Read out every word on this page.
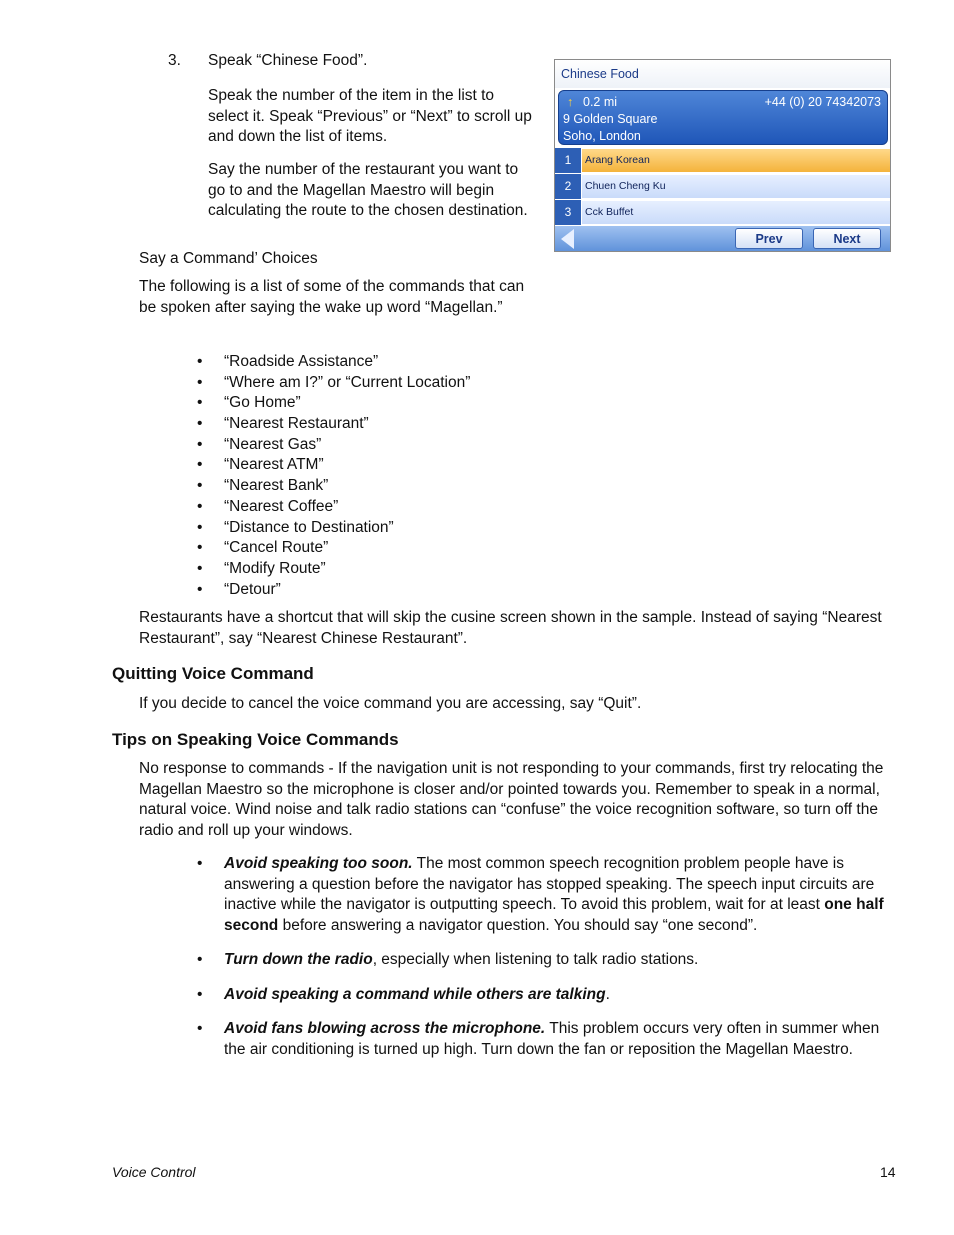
3. Speak “Chinese Food”.

Speak the number of the item in the list to select it. Speak “Previous” or “Next” to scroll up and down the list of items.

Say the number of the restaurant you want to go to and the Magellan Maestro will begin calculating the route to the chosen destination.

Chinese Food
↑ 0.2 mi	+44 (0) 20 74342073
9 Golden Square
Soho, London
1	Arang Korean
2	Chuen Cheng Ku
3	Cck Buffet
Prev	Next
Say a Command’ Choices

The following is a list of some of the commands that can be spoken after saying the wake up word “Magellan.”

• “Roadside Assistance”
• “Where am I?” or “Current Location”
• “Go Home”
• “Nearest Restaurant”
• “Nearest Gas”
• “Nearest ATM”
• “Nearest Bank”
• “Nearest Coffee”
• “Distance to Destination”
• “Cancel Route”
• “Modify Route”
• “Detour”

Restaurants have a shortcut that will skip the cusine screen shown in the sample. Instead of saying “Nearest Restaurant”, say “Nearest Chinese Restaurant”.

Quitting Voice Command

If you decide to cancel the voice command you are accessing, say “Quit”.

Tips on Speaking Voice Commands

No response to commands - If the navigation unit is not responding to your commands, first try relocating the Magellan Maestro so the microphone is closer and/or pointed towards you. Remember to speak in a normal, natural voice. Wind noise and talk radio stations can “confuse” the voice recognition software, so turn off the radio and roll up your windows.

• Avoid speaking too soon. The most common speech recognition problem people have is answering a question before the navigator has stopped speaking. The speech input circuits are inactive while the navigator is outputting speech. To avoid this problem, wait for at least one half second before answering a navigator question. You should say “one second”.
• Turn down the radio, especially when listening to talk radio stations.
• Avoid speaking a command while others are talking.
• Avoid fans blowing across the microphone. This problem occurs very often in summer when the air conditioning is turned up high. Turn down the fan or reposition the Magellan Maestro.
Voice Control	14
